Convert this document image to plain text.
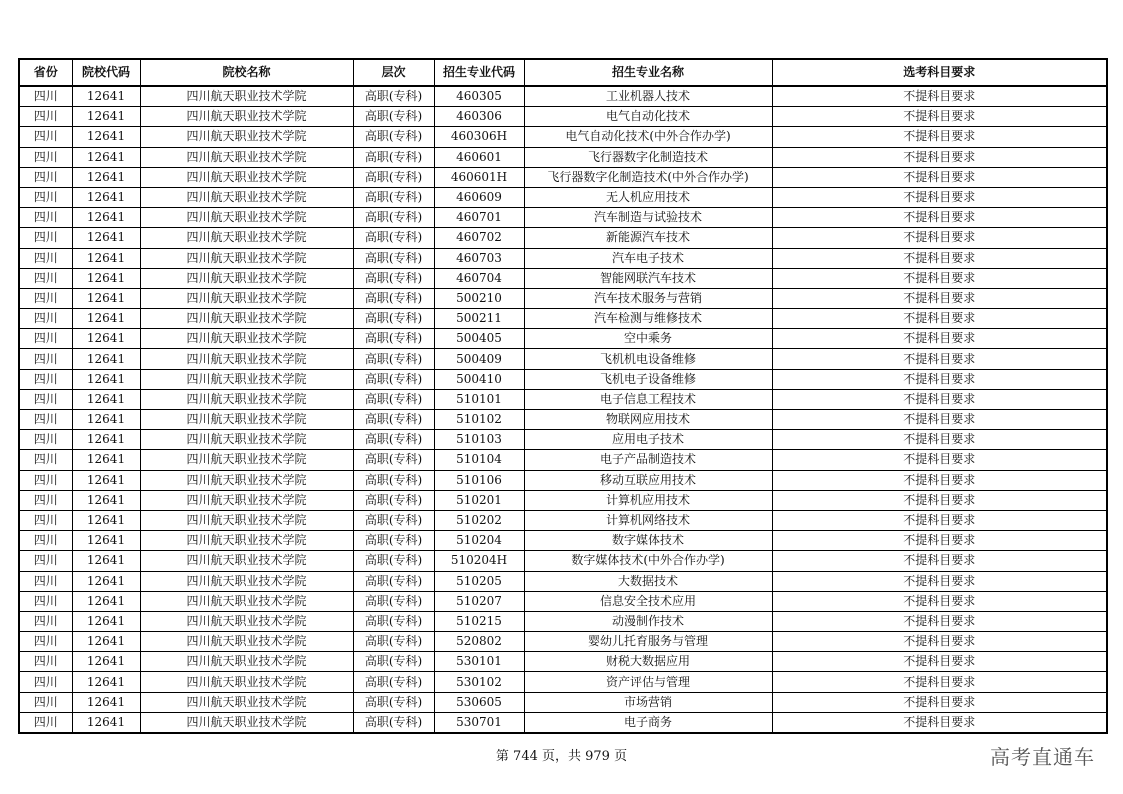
省份	院校代码	院校名称	层次	招生专业代码	招生专业名称	选考科目要求
四川	12641	四川航天职业技术学院	高职(专科)	460305	工业机器人技术	不提科目要求
四川	12641	四川航天职业技术学院	高职(专科)	460306	电气自动化技术	不提科目要求
四川	12641	四川航天职业技术学院	高职(专科)	460306H	电气自动化技术(中外合作办学)	不提科目要求
四川	12641	四川航天职业技术学院	高职(专科)	460601	飞行器数字化制造技术	不提科目要求
四川	12641	四川航天职业技术学院	高职(专科)	460601H	飞行器数字化制造技术(中外合作办学)	不提科目要求
四川	12641	四川航天职业技术学院	高职(专科)	460609	无人机应用技术	不提科目要求
四川	12641	四川航天职业技术学院	高职(专科)	460701	汽车制造与试验技术	不提科目要求
四川	12641	四川航天职业技术学院	高职(专科)	460702	新能源汽车技术	不提科目要求
四川	12641	四川航天职业技术学院	高职(专科)	460703	汽车电子技术	不提科目要求
四川	12641	四川航天职业技术学院	高职(专科)	460704	智能网联汽车技术	不提科目要求
四川	12641	四川航天职业技术学院	高职(专科)	500210	汽车技术服务与营销	不提科目要求
四川	12641	四川航天职业技术学院	高职(专科)	500211	汽车检测与维修技术	不提科目要求
四川	12641	四川航天职业技术学院	高职(专科)	500405	空中乘务	不提科目要求
四川	12641	四川航天职业技术学院	高职(专科)	500409	飞机机电设备维修	不提科目要求
四川	12641	四川航天职业技术学院	高职(专科)	500410	飞机电子设备维修	不提科目要求
四川	12641	四川航天职业技术学院	高职(专科)	510101	电子信息工程技术	不提科目要求
四川	12641	四川航天职业技术学院	高职(专科)	510102	物联网应用技术	不提科目要求
四川	12641	四川航天职业技术学院	高职(专科)	510103	应用电子技术	不提科目要求
四川	12641	四川航天职业技术学院	高职(专科)	510104	电子产品制造技术	不提科目要求
四川	12641	四川航天职业技术学院	高职(专科)	510106	移动互联应用技术	不提科目要求
四川	12641	四川航天职业技术学院	高职(专科)	510201	计算机应用技术	不提科目要求
四川	12641	四川航天职业技术学院	高职(专科)	510202	计算机网络技术	不提科目要求
四川	12641	四川航天职业技术学院	高职(专科)	510204	数字媒体技术	不提科目要求
四川	12641	四川航天职业技术学院	高职(专科)	510204H	数字媒体技术(中外合作办学)	不提科目要求
四川	12641	四川航天职业技术学院	高职(专科)	510205	大数据技术	不提科目要求
四川	12641	四川航天职业技术学院	高职(专科)	510207	信息安全技术应用	不提科目要求
四川	12641	四川航天职业技术学院	高职(专科)	510215	动漫制作技术	不提科目要求
四川	12641	四川航天职业技术学院	高职(专科)	520802	婴幼儿托育服务与管理	不提科目要求
四川	12641	四川航天职业技术学院	高职(专科)	530101	财税大数据应用	不提科目要求
四川	12641	四川航天职业技术学院	高职(专科)	530102	资产评估与管理	不提科目要求
四川	12641	四川航天职业技术学院	高职(专科)	530605	市场营销	不提科目要求
四川	12641	四川航天职业技术学院	高职(专科)	530701	电子商务	不提科目要求
第 744 页，共 979 页	高考直通车
